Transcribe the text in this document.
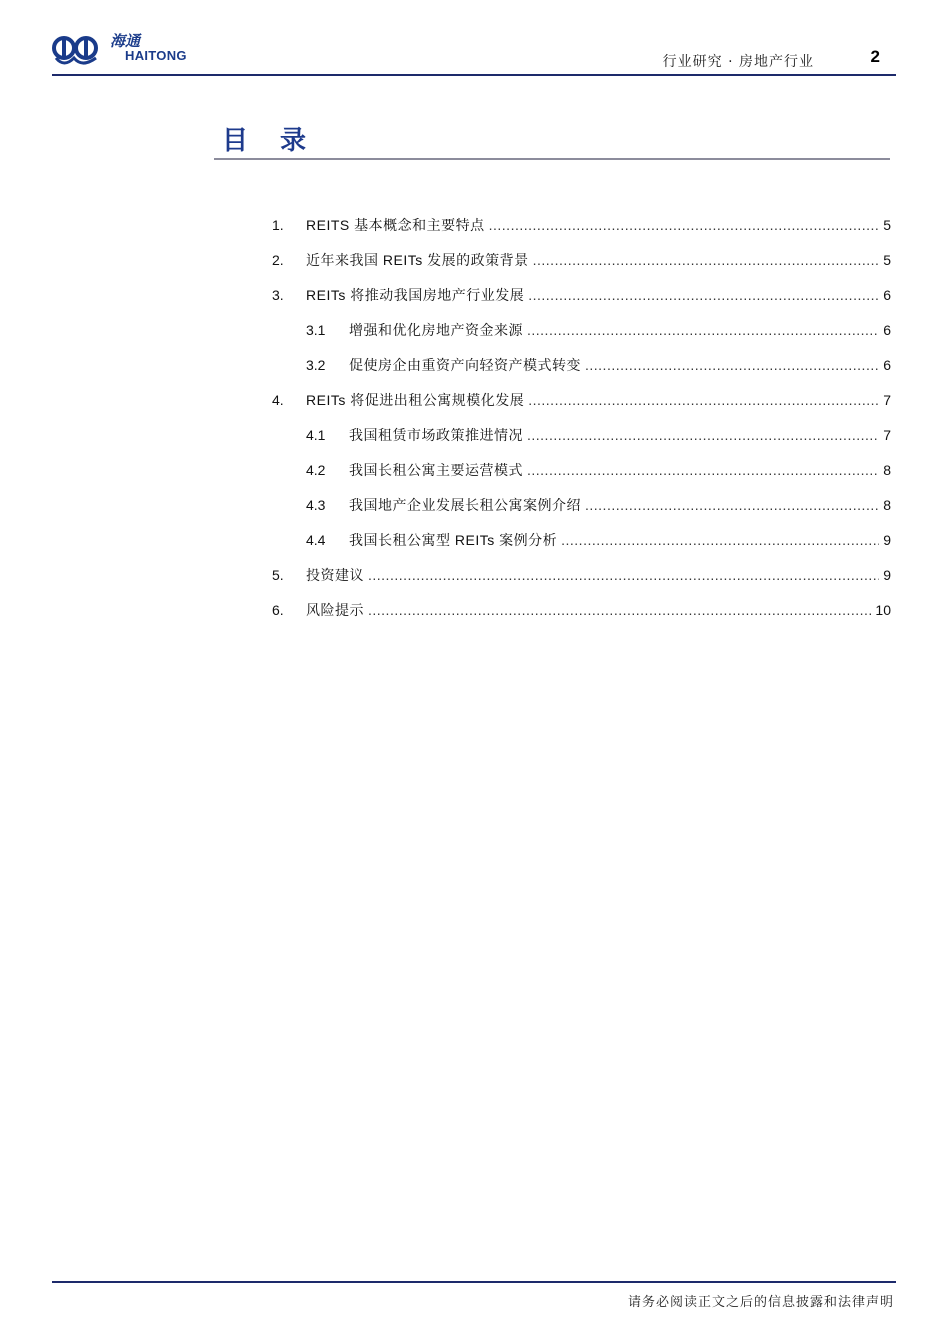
海通
HAITONG	行业研究 · 房地产行业	2
目录
1.	REITS 基本概念和主要特点 .....	5
2.	近年来我国 REITs 发展的政策背景 .....	5
3.	REITs 将推动我国房地产行业发展 .....	6
3.1	增强和优化房地产资金来源 .....	6
3.2	促使房企由重资产向轻资产模式转变 .....	6
4.	REITs 将促进出租公寓规模化发展 .....	7
4.1	我国租赁市场政策推进情况 .....	7
4.2	我国长租公寓主要运营模式 .....	8
4.3	我国地产企业发展长租公寓案例介绍 .....	8
4.4	我国长租公寓型 REITs 案例分析 .....	9
5.	投资建议 .....	9
6.	风险提示 .....	10
请务必阅读正文之后的信息披露和法律声明
